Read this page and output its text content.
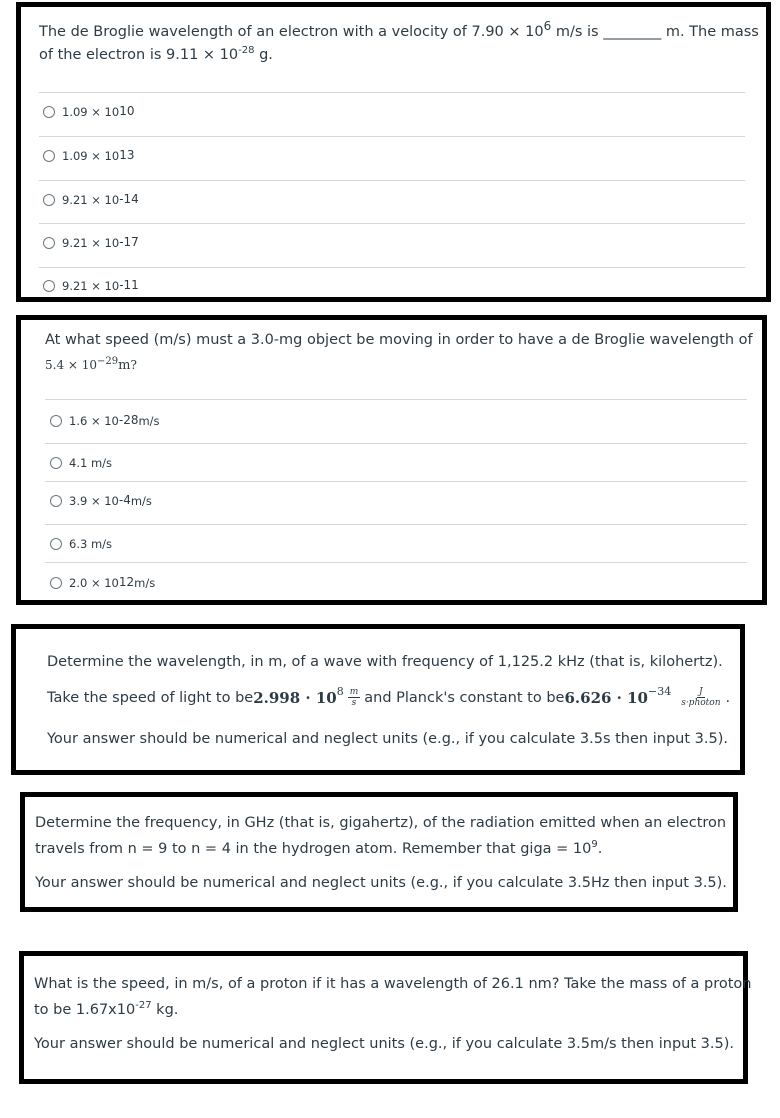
The de Broglie wavelength of an electron with a velocity of $7.90 \times 10^6$ m/s is ________ m. The mass
of the electron is $9.11 \times 10^{-28}$ g.
$1.09 \times 10^{10}$
$1.09 \times 10^{13}$
$9.21 \times 10^{-14}$
$9.21 \times 10^{-17}$
$9.21 \times 10^{-11}$
At what speed (m/s) must a 3.0-mg object be moving in order to have a de Broglie wavelength of
$5.4 \times 10^{-29}m$?
$1.6 \times 10^{-28}$ m/s
4.1 m/s
$3.9 \times 10^{-4}$ m/s
6.3 m/s
$2.0 \times 10^{12}$ m/s
Determine the wavelength, in m, of a wave with frequency of 1,125.2 kHz (that is, kilohertz).
Take the speed of light to be $2.998 \cdot 10^8 \frac{m}{s}$ and Planck's constant to be $6.626 \cdot 10^{-34} \frac{J}{\text{s·photon}}$ .
Your answer should be numerical and neglect units (e.g., if you calculate 3.5s then input 3.5).
Determine the frequency, in GHz (that is, gigahertz), of the radiation emitted when an electron
travels from n = 9 to n = 4 in the hydrogen atom. Remember that giga = $10^9$.
Your answer should be numerical and neglect units (e.g., if you calculate 3.5Hz then input 3.5).
What is the speed, in m/s, of a proton if it has a wavelength of 26.1 nm? Take the mass of a proton
to be $1.67x10^{-27}$ kg.
Your answer should be numerical and neglect units (e.g., if you calculate 3.5m/s then input 3.5).
